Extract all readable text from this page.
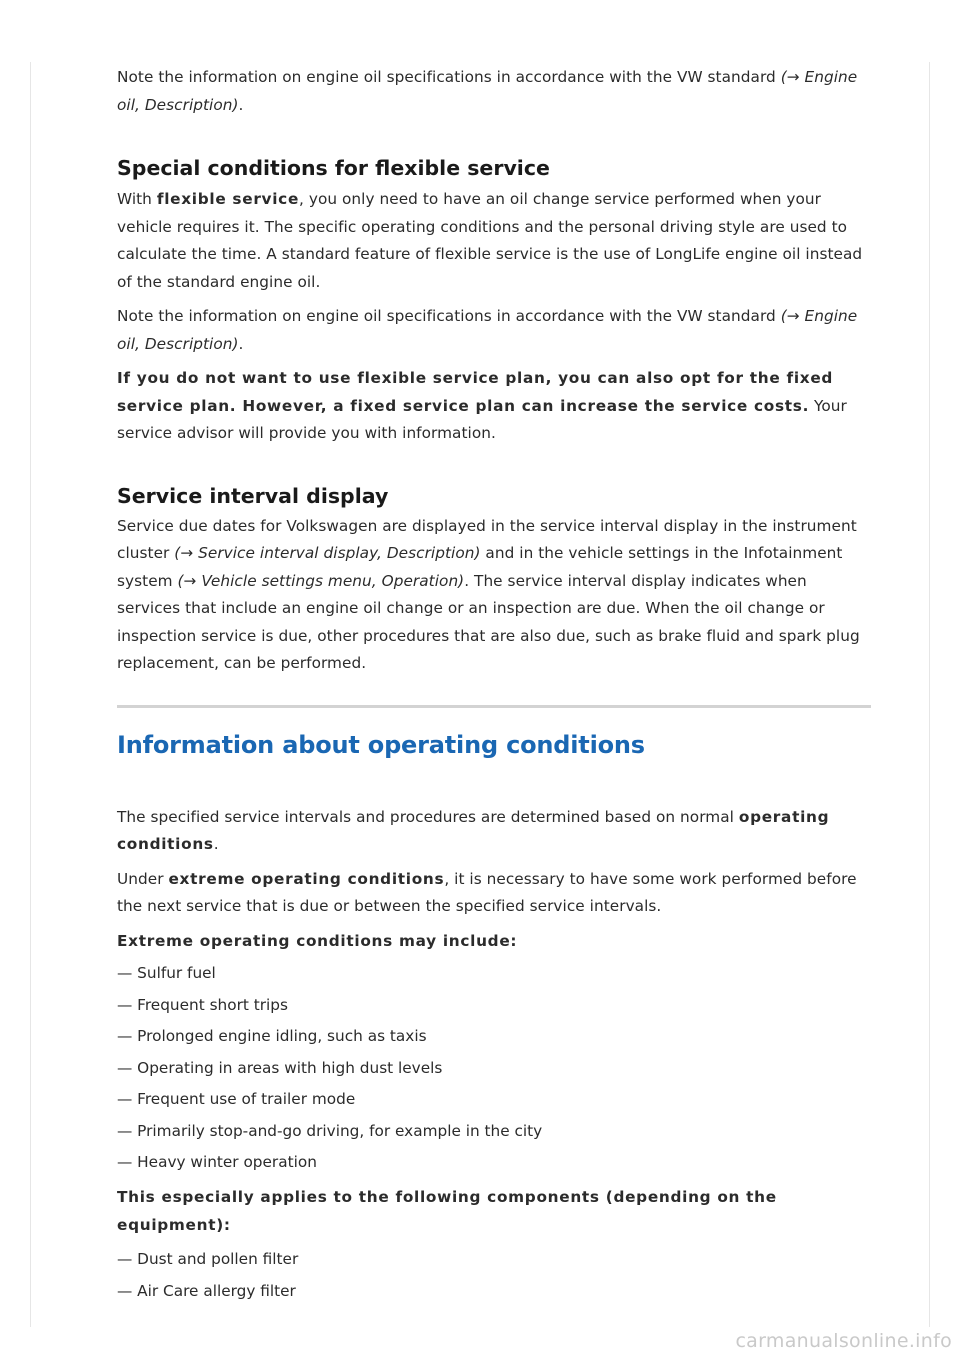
Note the information on engine oil specifications in accordance with the VW standard (→ Engine oil, Description).

Special conditions for flexible service

With flexible service, you only need to have an oil change service performed when your vehicle requires it. The specific operating conditions and the personal driving style are used to calculate the time. A standard feature of flexible service is the use of LongLife engine oil instead of the standard engine oil.

Note the information on engine oil specifications in accordance with the VW standard (→ Engine oil, Description).

If you do not want to use flexible service plan, you can also opt for the fixed service plan. However, a fixed service plan can increase the service costs. Your service advisor will provide you with information.

Service interval display

Service due dates for Volkswagen are displayed in the service interval display in the instrument cluster (→ Service interval display, Description) and in the vehicle settings in the Infotainment system (→ Vehicle settings menu, Operation). The service interval display indicates when services that include an engine oil change or an inspection are due. When the oil change or inspection service is due, other procedures that are also due, such as brake fluid and spark plug replacement, can be performed.

Information about operating conditions

The specified service intervals and procedures are determined based on normal operating conditions.

Under extreme operating conditions, it is necessary to have some work performed before the next service that is due or between the specified service intervals.

Extreme operating conditions may include:

— Sulfur fuel
— Frequent short trips
— Prolonged engine idling, such as taxis
— Operating in areas with high dust levels
— Frequent use of trailer mode
— Primarily stop-and-go driving, for example in the city
— Heavy winter operation

This especially applies to the following components (depending on the equipment):

— Dust and pollen filter
— Air Care allergy filter
carmanualsonline.info
